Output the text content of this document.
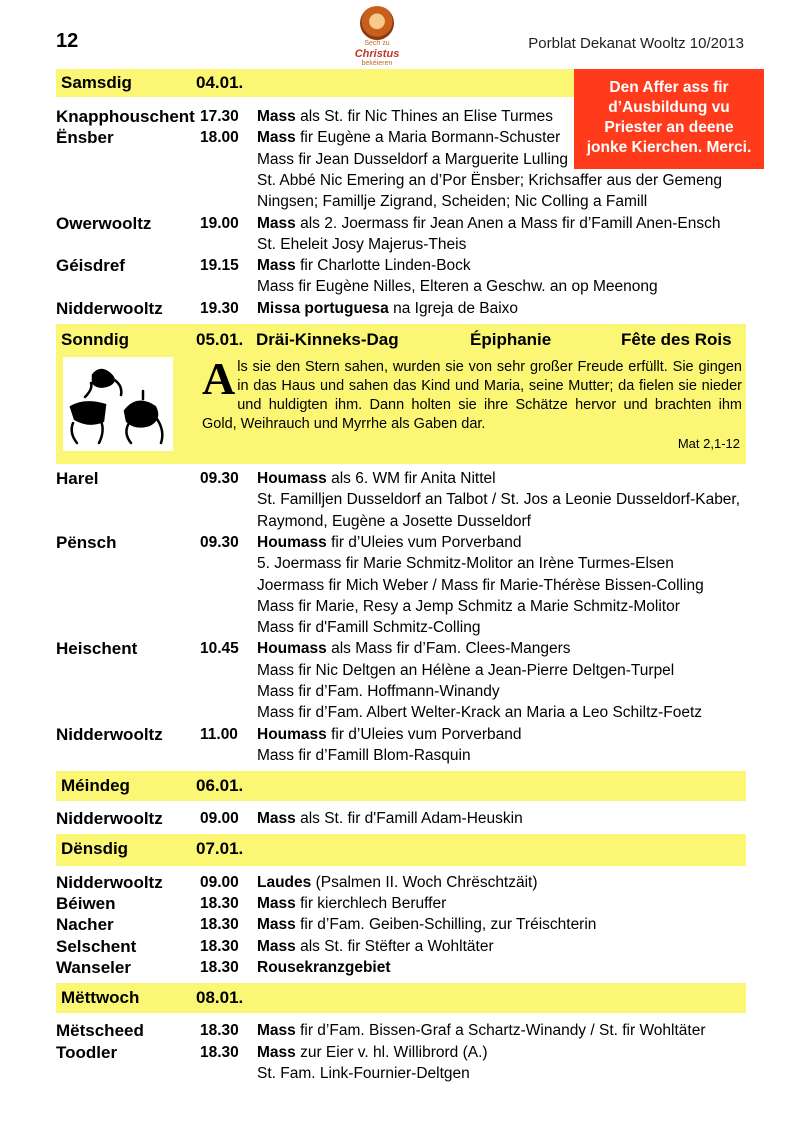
12	Sech zu
Christus
bekéieren
Porblat Dekanat Wooltz 10/2013
Samsdig	04.01.	Den Affer ass fir
d’Ausbildung vu
Priester an deene
jonke Kierchen. Merci.
Knapphouschent 17.30 Mass als St. fir Nic Thines an Elise Turmes
Ënsber	18.00 Mass fir Eugène a Maria Bormann-Schuster
Mass fir Jean Dusseldorf a Marguerite Lulling
St. Abbé Nic Emering an d’Por Ënsber; Krichsaffer aus der Gemeng
Ningsen; Famillje Zigrand, Scheiden; Nic Colling a Famill
Owerwooltz	19.00 Mass als 2. Joermass fir Jean Anen a Mass fir d’Famill Anen-Ensch
St. Eheleit Josy Majerus-Theis
Géisdref	19.15 Mass fir Charlotte Linden-Bock
Mass fir Eugène Nilles, Elteren a Geschw. an op Meenong
Nidderwooltz 19.30 Missa portuguesa na Igreja de Baixo
Sonndig	05.01. Dräi-Kinneks-Dag	Épiphanie	Fête des Rois
Als sie den Stern sahen, wurden sie von sehr großer Freude erfüllt. Sie gingen in das Haus und sahen das Kind und Maria, seine Mutter; da fielen sie nieder und huldigten ihm. Dann holten sie ihre Schätze hervor und brachten ihm Gold, Weihrauch und Myrrhe als Gaben dar.
Mat 2,1-12
Harel	09.30 Houmass als 6. WM fir Anita Nittel
St. Familljen Dusseldorf an Talbot / St. Jos a Leonie Dusseldorf-Kaber,
Raymond, Eugène a Josette Dusseldorf
Pënsch	09.30 Houmass fir d’Uleies vum Porverband
5. Joermass fir Marie Schmitz-Molitor an Irène Turmes-Elsen
Joermass fir Mich Weber / Mass fir Marie-Thérèse Bissen-Colling
Mass fir Marie, Resy a Jemp Schmitz a Marie Schmitz-Molitor
Mass fir d'Famill Schmitz-Colling
Heischent	10.45 Houmass als Mass fir d’Fam. Clees-Mangers
Mass fir Nic Deltgen an Hélène a Jean-Pierre Deltgen-Turpel
Mass fir d’Fam. Hoffmann-Winandy
Mass fir d’Fam. Albert Welter-Krack an Maria a Leo Schiltz-Foetz
Nidderwooltz 11.00 Houmass fir d’Uleies vum Porverband
Mass fir d’Famill Blom-Rasquin
Méindeg	06.01.
Nidderwooltz 09.00 Mass als St. fir d'Famill Adam-Heuskin
Dënsdig	07.01.
Nidderwooltz 09.00 Laudes (Psalmen II. Woch Chrëschtzäit)
Béiwen	18.30 Mass fir kierchlech Beruffer
Nacher	18.30 Mass fir d’Fam. Geiben-Schilling, zur Tréischterin
Selschent	18.30 Mass als St. fir Stëfter a Wohltäter
Wanseler	18.30 Rousekranzgebiet
Mëttwoch	08.01.
Mëtscheed	18.30 Mass fir d’Fam. Bissen-Graf a Schartz-Winandy / St. fir Wohltäter
Toodler	18.30 Mass zur Eier v. hl. Willibrord (A.)
St. Fam. Link-Fournier-Deltgen
